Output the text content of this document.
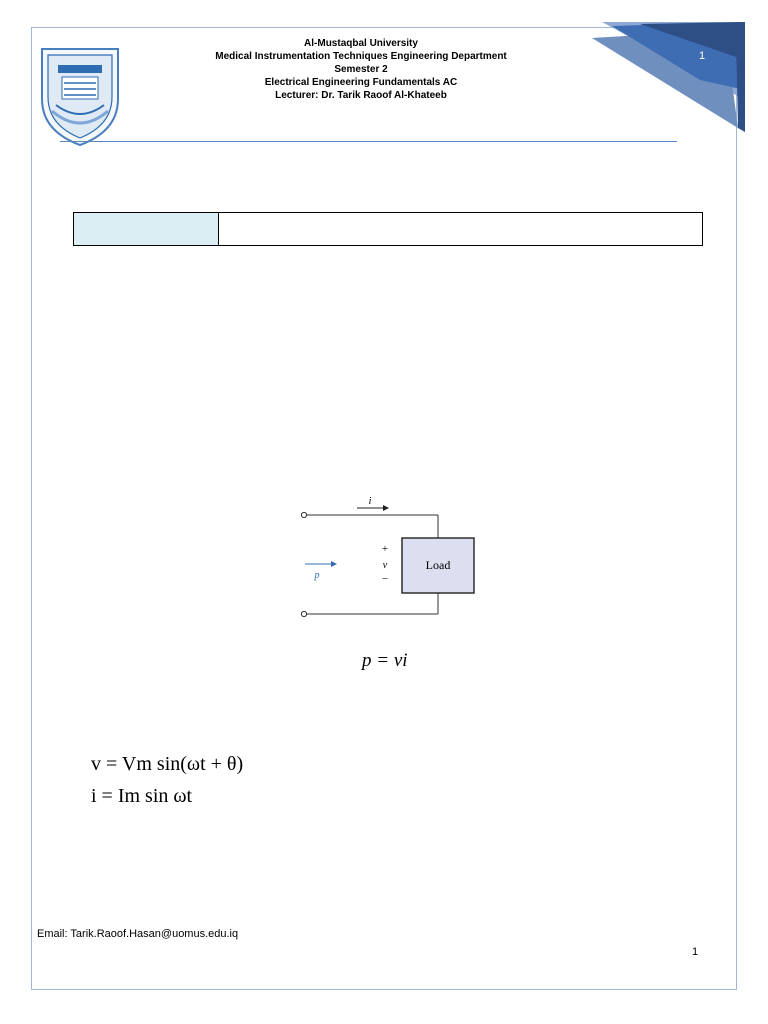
1
Al-Mustaqbal University
Medical Instrumentation Techniques Engineering Department
Semester 2
Electrical Engineering Fundamentals AC
Lecturer: Dr. Tarik Raoof Al-Khateeb
i
Load
+
v
−
p
p = vi
v = Vm sin(ωt + θ)
i = Im sin ωt
Email: Tarik.Raoof.Hasan@uomus.edu.iq
1
